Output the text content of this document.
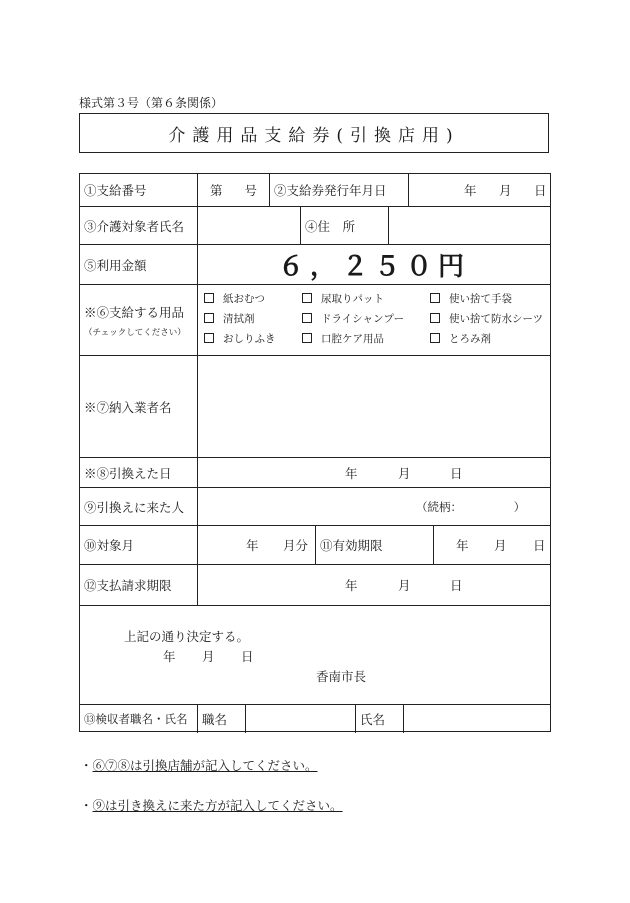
様式第３号（第６条関係）
介護用品支給券(引換店用)
①支給番号	第 号	②支給券発行年月日	年 月 日
③介護対象者氏名	④住　所
⑤利用金額	６，２５０円
※⑥支給する用品
（チェックしてください）
紙おむつ	尿取りパット	使い捨て手袋
清拭剤	ドライシャンプー	使い捨て防水シーツ
おしりふき	口腔ケア用品	とろみ剤
※⑦納入業者名
※⑧引換えた日	年	月	日
⑨引換えに来た人	（続柄：　　　　　）
⑩対象月	年 月分 ⑪有効期限	年 月 日
⑫支払請求期限	年	月	日
上記の通り決定する。
年 月 日
香南市長
⑬検収者職名・氏名	職名	氏名
・⑥⑦⑧は引換店舗が記入してください。
・⑨は引き換えに来た方が記入してください。
